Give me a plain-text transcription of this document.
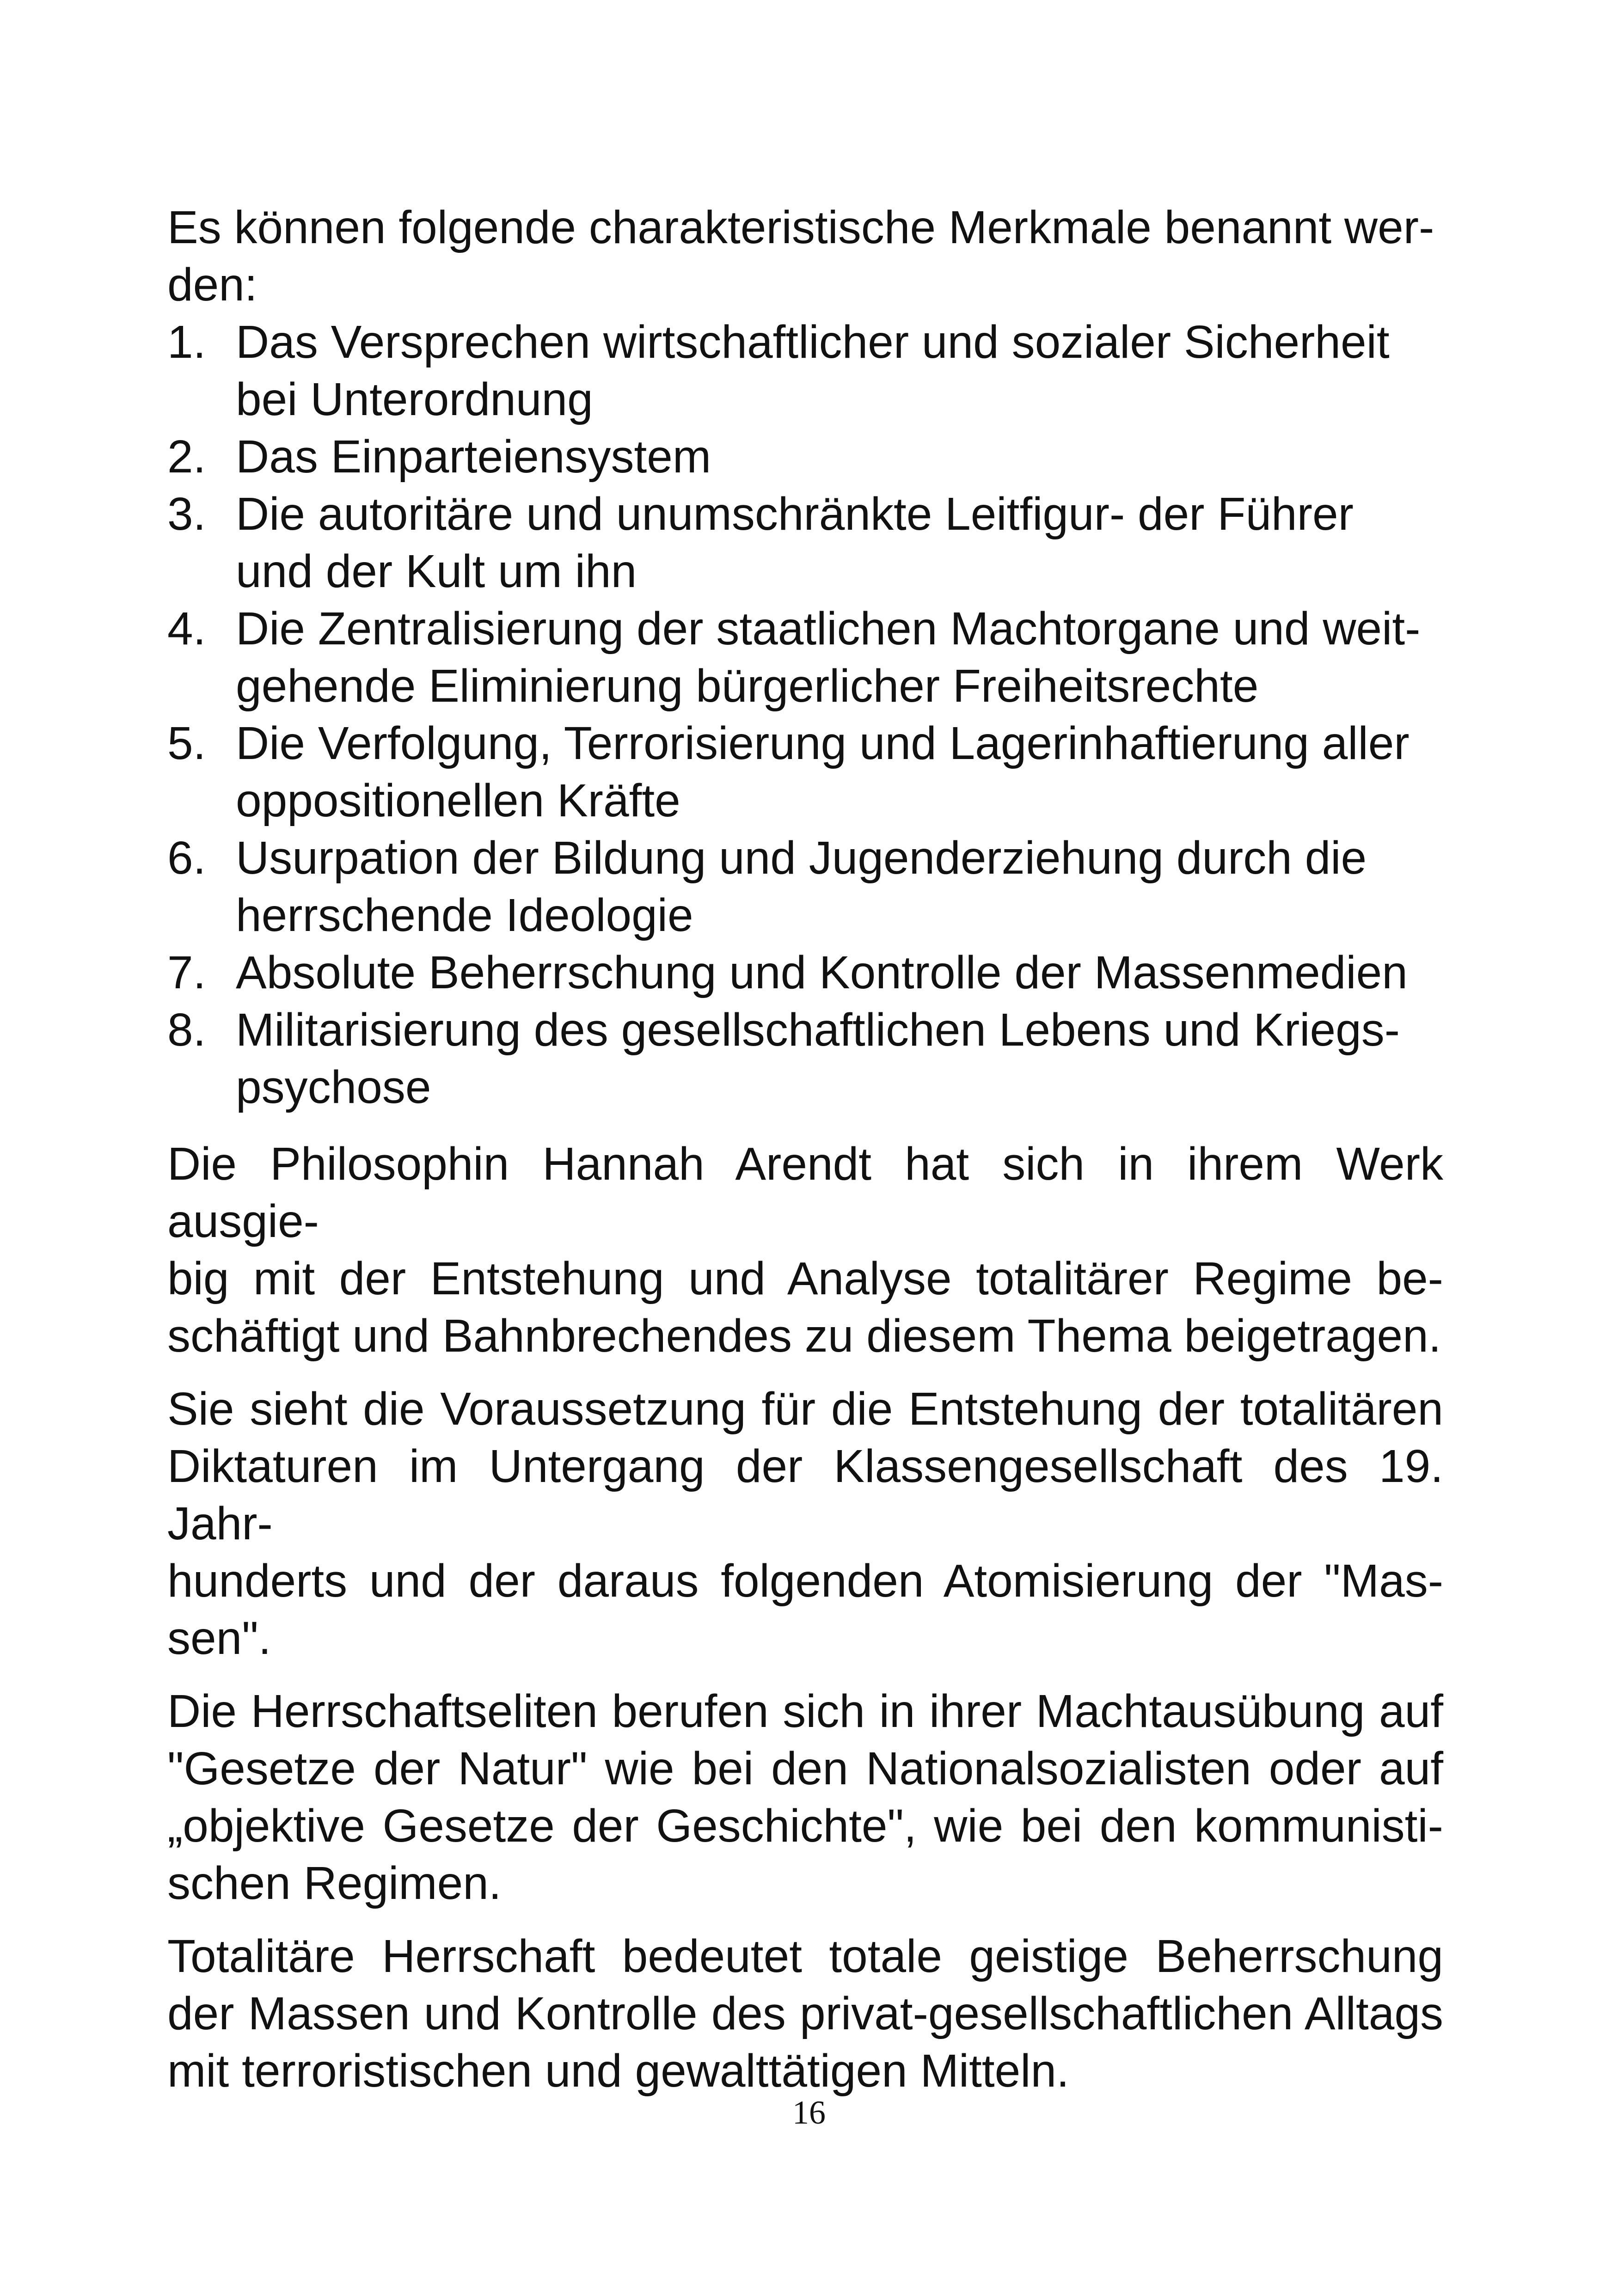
Es können folgende charakteristische Merkmale benannt wer-
den:

1. Das Versprechen wirtschaftlicher und sozialer Sicherheit
bei Unterordnung
2. Das Einparteiensystem
3. Die autoritäre und unumschränkte Leitfigur- der Führer
und der Kult um ihn
4. Die Zentralisierung der staatlichen Machtorgane und weit-
gehende Eliminierung bürgerlicher Freiheitsrechte
5. Die Verfolgung, Terrorisierung und Lagerinhaftierung aller
oppositionellen Kräfte
6. Usurpation der Bildung und Jugenderziehung durch die
herrschende Ideologie
7. Absolute Beherrschung und Kontrolle der Massenmedien
8. Militarisierung des gesellschaftlichen Lebens und Kriegs-
psychose

Die Philosophin Hannah Arendt hat sich in ihrem Werk ausgie-
big mit der Entstehung und Analyse totalitärer Regime be-
schäftigt und Bahnbrechendes zu diesem Thema beigetragen.

Sie sieht die Voraussetzung für die Entstehung der totalitären
Diktaturen im Untergang der Klassengesellschaft des 19. Jahr-
hunderts und der daraus folgenden Atomisierung der "Mas-
sen".

Die Herrschaftseliten berufen sich in ihrer Machtausübung auf
"Gesetze der Natur" wie bei den Nationalsozialisten oder auf
„objektive Gesetze der Geschichte", wie bei den kommunisti-
schen Regimen.

Totalitäre Herrschaft bedeutet totale geistige Beherrschung
der Massen und Kontrolle des privat-gesellschaftlichen Alltags
mit terroristischen und gewalttätigen Mitteln.

16
